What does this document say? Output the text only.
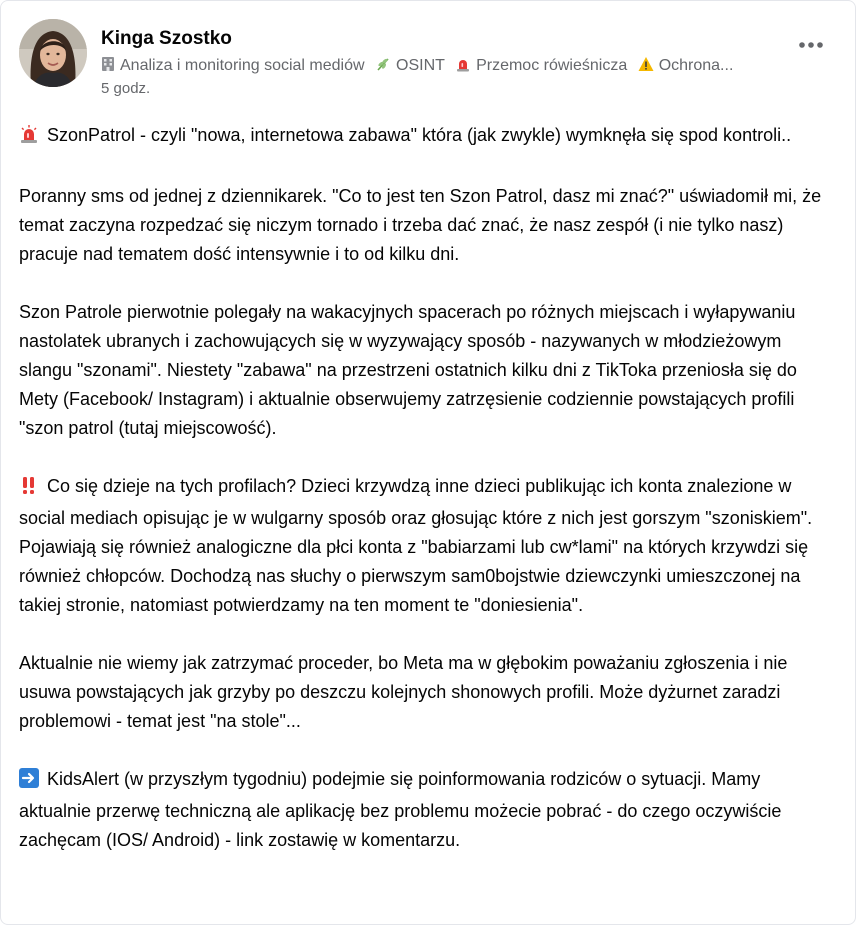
Kinga Szostko
Analiza i monitoring social mediów OSINT Przemoc rówieśnicza Ochrona...
5 godz.

SzonPatrol - czyli "nowa, internetowa zabawa" która (jak zwykle) wymknęła się spod kontroli..

Poranny sms od jednej z dziennikarek. "Co to jest ten Szon Patrol, dasz mi znać?" uświadomił mi, że temat zaczyna rozpedzać się niczym tornado i trzeba dać znać, że nasz zespół (i nie tylko nasz) pracuje nad tematem dość intensywnie i to od kilku dni.

Szon Patrole pierwotnie polegały na wakacyjnych spacerach po różnych miejscach i wyłapywaniu nastolatek ubranych i zachowujących się w wyzywający sposób - nazywanych w młodzieżowym slangu "szonami". Niestety "zabawa" na przestrzeni ostatnich kilku dni z TikToka przeniosła się do Mety (Facebook/ Instagram) i aktualnie obserwujemy zatrzęsienie codziennie powstających profili "szon patrol (tutaj miejscowość).

Co się dzieje na tych profilach? Dzieci krzywdzą inne dzieci publikując ich konta znalezione w social mediach opisując je w wulgarny sposób oraz głosując które z nich jest gorszym "szoniskiem". Pojawiają się również analogiczne dla płci konta z "babiarzami lub cw*lami" na których krzywdzi się również chłopców. Dochodzą nas słuchy o pierwszym sam0bojstwie dziewczynki umieszczonej na takiej stronie, natomiast potwierdzamy na ten moment te "doniesienia".

Aktualnie nie wiemy jak zatrzymać proceder, bo Meta ma w głębokim poważaniu zgłoszenia i nie usuwa powstających jak grzyby po deszczu kolejnych shonowych profili. Może dyżurnet zaradzi problemowi - temat jest "na stole"...

KidsAlert (w przyszłym tygodniu) podejmie się poinformowania rodziców o sytuacji. Mamy aktualnie przerwę techniczną ale aplikację bez problemu możecie pobrać - do czego oczywiście zachęcam (IOS/ Android) - link zostawię w komentarzu.
